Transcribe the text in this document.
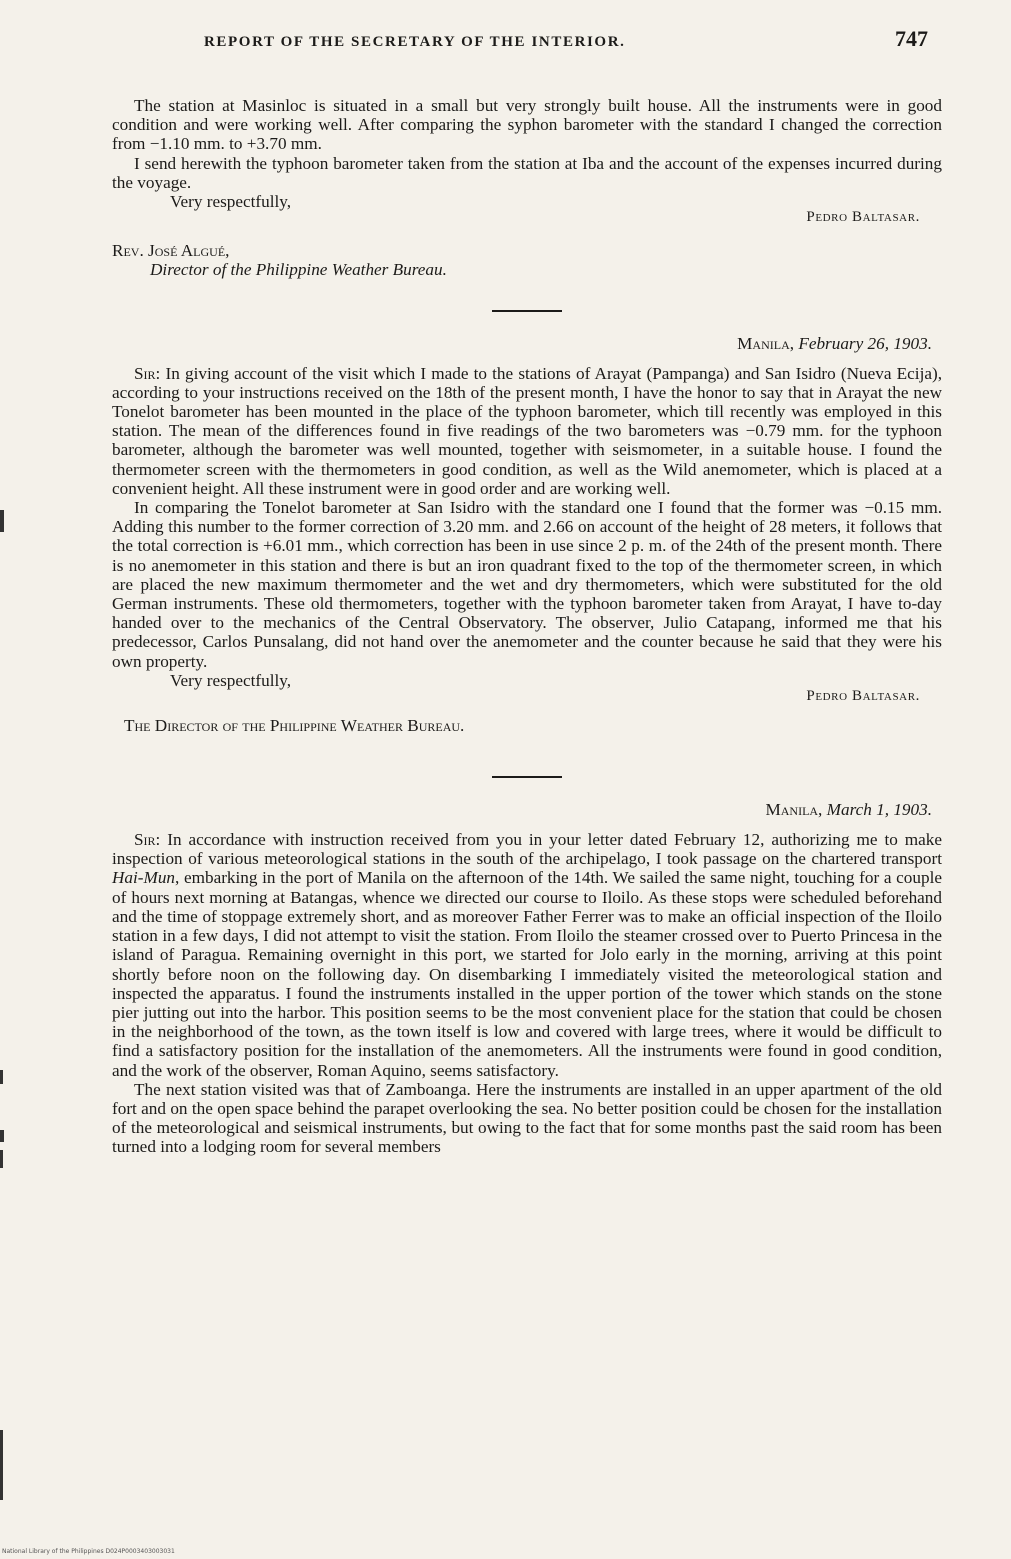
REPORT OF THE SECRETARY OF THE INTERIOR.	747

The station at Masinloc is situated in a small but very strongly built house. All the instruments were in good condition and were working well. After comparing the syphon barometer with the standard I changed the correction from −1.10 mm. to +3.70 mm.

I send herewith the typhoon barometer taken from the station at Iba and the account of the expenses incurred during the voyage.

Very respectfully,
Pedro Baltasar.
Rev. José Algué,
Director of the Philippine Weather Bureau.
Manila, February 26, 1903.

Sir: In giving account of the visit which I made to the stations of Arayat (Pampanga) and San Isidro (Nueva Ecija), according to your instructions received on the 18th of the present month, I have the honor to say that in Arayat the new Tonelot barometer has been mounted in the place of the typhoon barometer, which till recently was employed in this station. The mean of the differences found in five readings of the two barometers was −0.79 mm. for the typhoon barometer, although the barometer was well mounted, together with seismometer, in a suitable house. I found the thermometer screen with the thermometers in good condition, as well as the Wild anemometer, which is placed at a convenient height. All these instrument were in good order and are working well.

In comparing the Tonelot barometer at San Isidro with the standard one I found that the former was −0.15 mm. Adding this number to the former correction of 3.20 mm. and 2.66 on account of the height of 28 meters, it follows that the total correction is +6.01 mm., which correction has been in use since 2 p. m. of the 24th of the present month. There is no anemometer in this station and there is but an iron quadrant fixed to the top of the thermometer screen, in which are placed the new maximum thermometer and the wet and dry thermometers, which were substituted for the old German instruments. These old thermometers, together with the typhoon barometer taken from Arayat, I have to-day handed over to the mechanics of the Central Observatory. The observer, Julio Catapang, informed me that his predecessor, Carlos Punsalang, did not hand over the anemometer and the counter because he said that they were his own property.

Very respectfully,
Pedro Baltasar.
The Director of the Philippine Weather Bureau.
Manila, March 1, 1903.

Sir: In accordance with instruction received from you in your letter dated February 12, authorizing me to make inspection of various meteorological stations in the south of the archipelago, I took passage on the chartered transport Hai-Mun, embarking in the port of Manila on the afternoon of the 14th. We sailed the same night, touching for a couple of hours next morning at Batangas, whence we directed our course to Iloilo. As these stops were scheduled beforehand and the time of stoppage extremely short, and as moreover Father Ferrer was to make an official inspection of the Iloilo station in a few days, I did not attempt to visit the station. From Iloilo the steamer crossed over to Puerto Princesa in the island of Paragua. Remaining overnight in this port, we started for Jolo early in the morning, arriving at this point shortly before noon on the following day. On disembarking I immediately visited the meteorological station and inspected the apparatus. I found the instruments installed in the upper portion of the tower which stands on the stone pier jutting out into the harbor. This position seems to be the most convenient place for the station that could be chosen in the neighborhood of the town, as the town itself is low and covered with large trees, where it would be difficult to find a satisfactory position for the installation of the anemometers. All the instruments were found in good condition, and the work of the observer, Roman Aquino, seems satisfactory.

The next station visited was that of Zamboanga. Here the instruments are installed in an upper apartment of the old fort and on the open space behind the parapet overlooking the sea. No better position could be chosen for the installation of the meteorological and seismical instruments, but owing to the fact that for some months past the said room has been turned into a lodging room for several members

National Library of the Philippines D024P0003403003031
